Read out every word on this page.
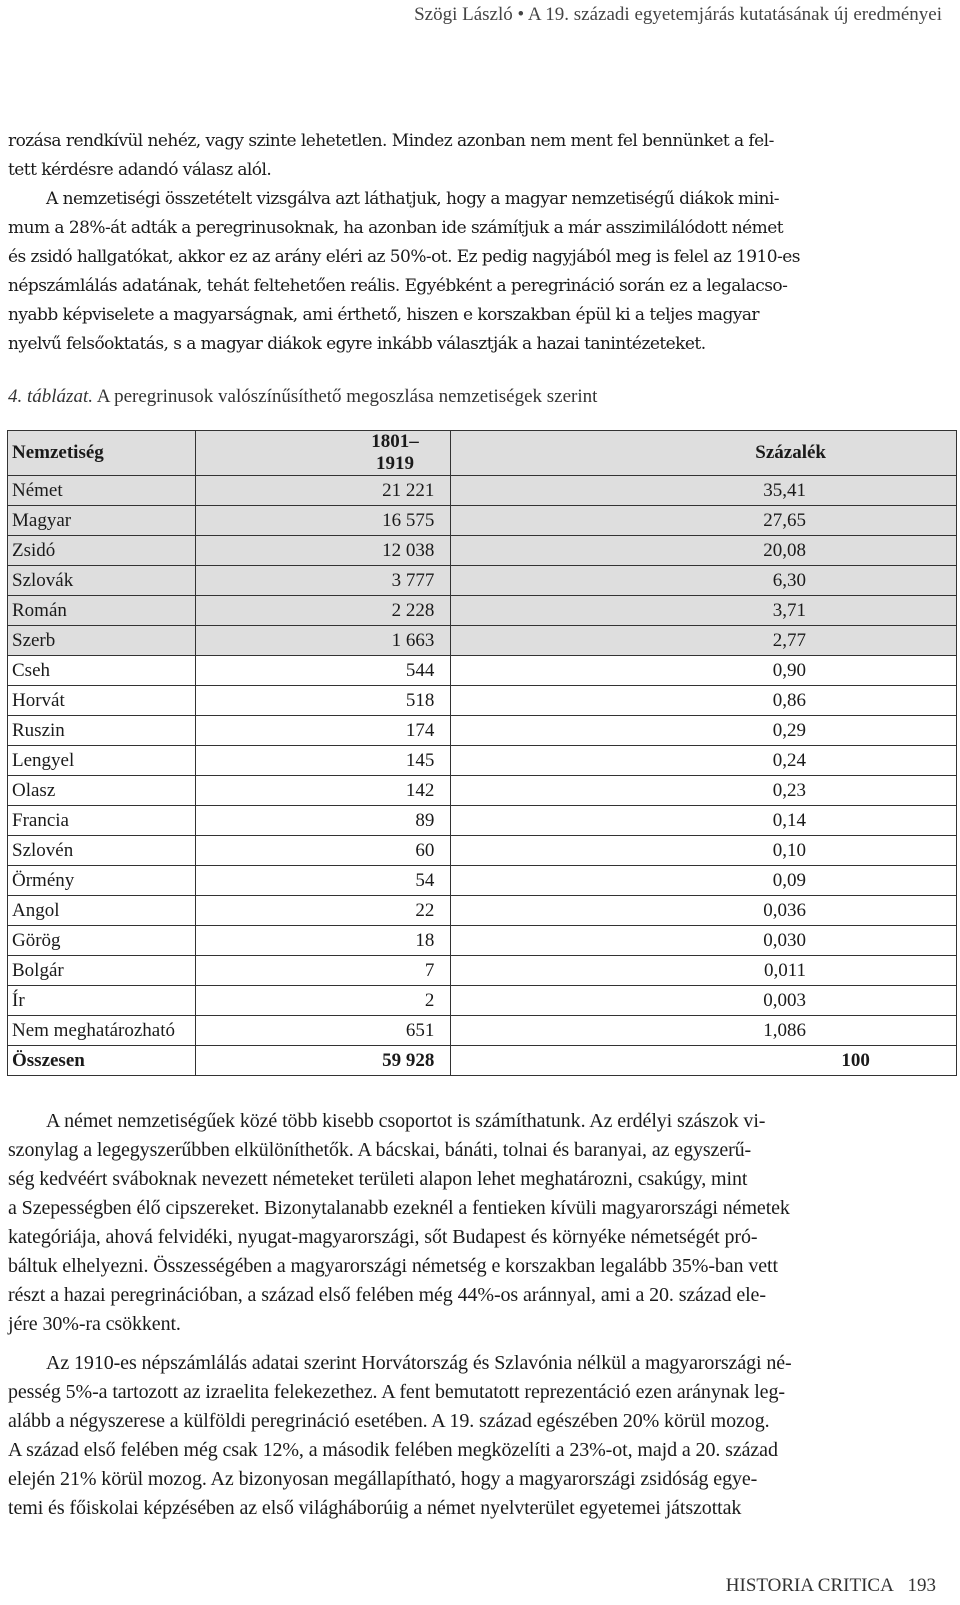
Szögi László • A 19. századi egyetemjárás kutatásának új eredményei
rozása rendkívül nehéz, vagy szinte lehetetlen. Mindez azonban nem ment fel bennünket a fel-
tett kérdésre adandó válasz alól.
A nemzetiségi összetételt vizsgálva azt láthatjuk, hogy a magyar nemzetiségű diákok mini-
mum a 28%-át adták a peregrinusoknak, ha azonban ide számítjuk a már asszimilálódott német
és zsidó hallgatókat, akkor ez az arány eléri az 50%-ot. Ez pedig nagyjából meg is felel az 1910-es
népszámlálás adatának, tehát feltehetően reális. Egyébként a peregrináció során ez a legalacso-
nyabb képviselete a magyarságnak, ami érthető, hiszen e korszakban épül ki a teljes magyar
nyelvű felsőoktatás, s a magyar diákok egyre inkább választják a hazai tanintézeteket.
4. táblázat. A peregrinusok valószínűsíthető megoszlása nemzetiségek szerint
Nemzetiség	1801–1919	Százalék
Német	21 221	35,41
Magyar	16 575	27,65
Zsidó	12 038	20,08
Szlovák	3 777	6,30
Román	2 228	3,71
Szerb	1 663	2,77
Cseh	544	0,90
Horvát	518	0,86
Ruszin	174	0,29
Lengyel	145	0,24
Olasz	142	0,23
Francia	89	0,14
Szlovén	60	0,10
Örmény	54	0,09
Angol	22	0,036
Görög	18	0,030
Bolgár	7	0,011
Ír	2	0,003
Nem meghatározható	651	1,086
Összesen	59 928	100
A német nemzetiségűek közé több kisebb csoportot is számíthatunk. Az erdélyi szászok vi-
szonylag a legegyszerűbben elkülöníthetők. A bácskai, bánáti, tolnai és baranyai, az egyszerű-
ség kedvéért sváboknak nevezett németeket területi alapon lehet meghatározni, csakúgy, mint
a Szepességben élő cipszereket. Bizonytalanabb ezeknél a fentieken kívüli magyarországi németek
kategóriája, ahová felvidéki, nyugat-magyarországi, sőt Budapest és környéke németségét pró-
báltuk elhelyezni. Összességében a magyarországi németség e korszakban legalább 35%-ban vett
részt a hazai peregrinációban, a század első felében még 44%-os aránnyal, ami a 20. század ele-
jére 30%-ra csökkent.
Az 1910-es népszámlálás adatai szerint Horvátország és Szlavónia nélkül a magyarországi né-
pesség 5%-a tartozott az izraelita felekezethez. A fent bemutatott reprezentáció ezen aránynak leg-
alább a négyszerese a külföldi peregrináció esetében. A 19. század egészében 20% körül mozog.
A század első felében még csak 12%, a második felében megközelíti a 23%-ot, majd a 20. század
elején 21% körül mozog. Az bizonyosan megállapítható, hogy a magyarországi zsidóság egye-
temi és főiskolai képzésében az első világháborúig a német nyelvterület egyetemei játszottak
HISTORIA CRITICA 193
